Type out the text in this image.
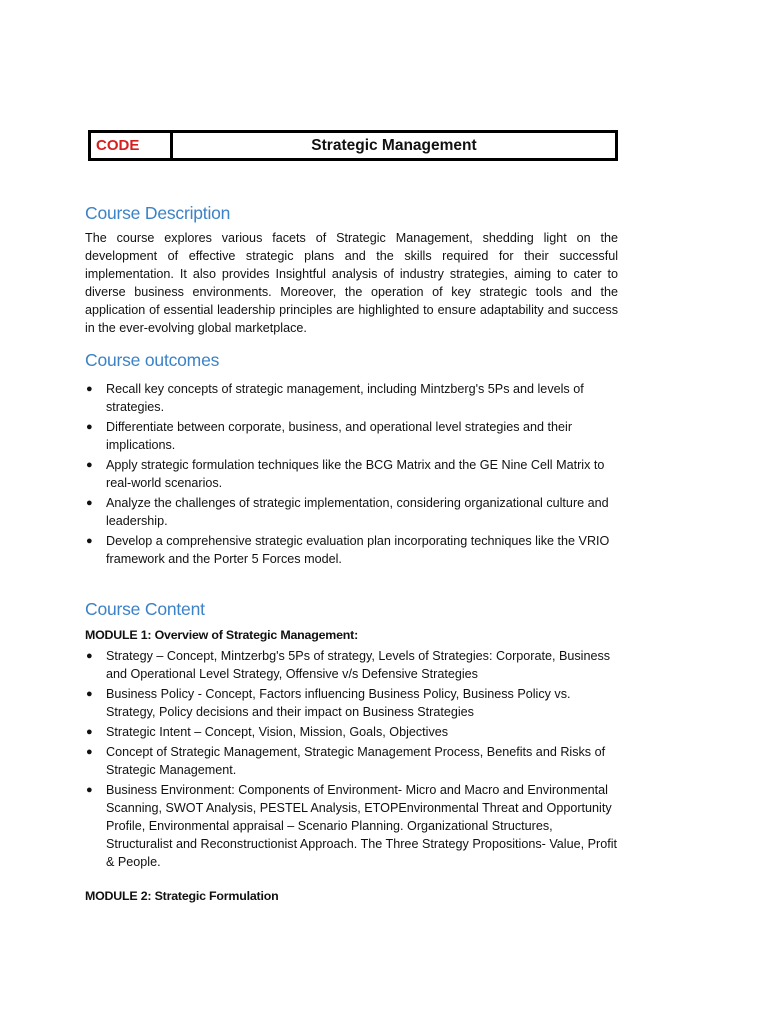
CODE	Strategic Management
Course Description

The course explores various facets of Strategic Management, shedding light on the development of effective strategic plans and the skills required for their successful implementation. It also provides Insightful analysis of industry strategies, aiming to cater to diverse business environments. Moreover, the operation of key strategic tools and the application of essential leadership principles are highlighted to ensure adaptability and success in the ever-evolving global marketplace.

Course outcomes
● Recall key concepts of strategic management, including Mintzberg's 5Ps and levels of strategies.
● Differentiate between corporate, business, and operational level strategies and their implications.
● Apply strategic formulation techniques like the BCG Matrix and the GE Nine Cell Matrix to real-world scenarios.
● Analyze the challenges of strategic implementation, considering organizational culture and leadership.
● Develop a comprehensive strategic evaluation plan incorporating techniques like the VRIO framework and the Porter 5 Forces model.
Course Content

MODULE 1: Overview of Strategic Management:

● Strategy – Concept, Mintzerbg's 5Ps of strategy, Levels of Strategies: Corporate, Business and Operational Level Strategy, Offensive v/s Defensive Strategies
● Business Policy - Concept, Factors influencing Business Policy, Business Policy vs. Strategy, Policy decisions and their impact on Business Strategies
● Strategic Intent – Concept, Vision, Mission, Goals, Objectives
● Concept of Strategic Management, Strategic Management Process, Benefits and Risks of Strategic Management.
● Business Environment: Components of Environment- Micro and Macro and Environmental Scanning, SWOT Analysis, PESTEL Analysis, ETOPEnvironmental Threat and Opportunity Profile, Environmental appraisal – Scenario Planning. Organizational Structures, Structuralist and Reconstructionist Approach. The Three Strategy Propositions- Value, Profit & People.

MODULE 2: Strategic Formulation
